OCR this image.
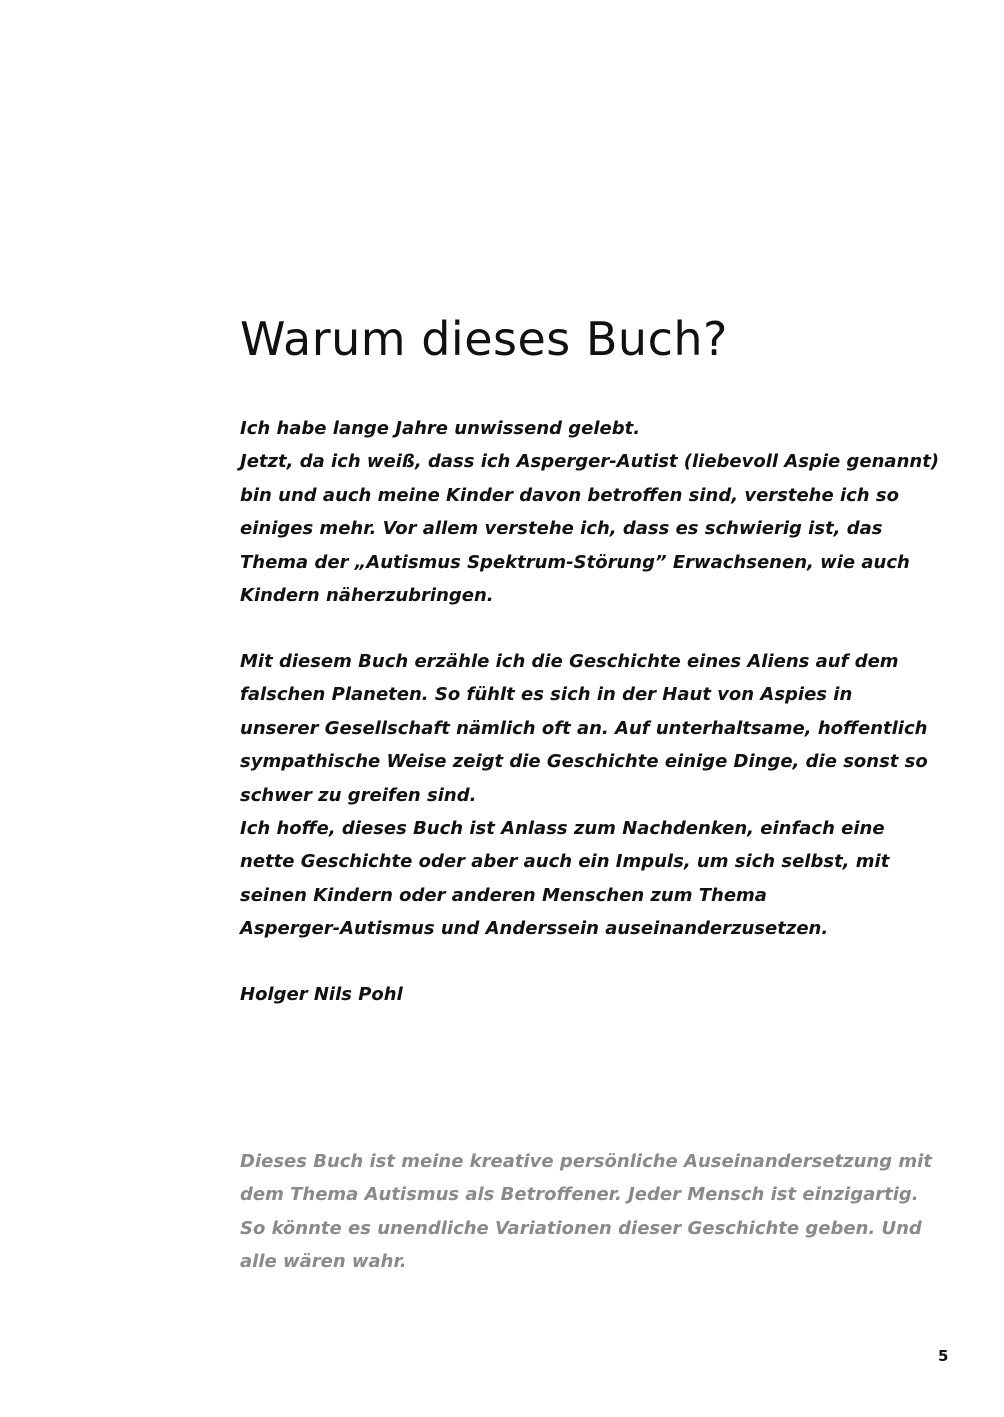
Warum dieses Buch?
Ich habe lange Jahre unwissend gelebt.
Jetzt, da ich weiß, dass ich Asperger-Autist (liebevoll Aspie genannt)
bin und auch meine Kinder davon betroffen sind, verstehe ich so
einiges mehr. Vor allem verstehe ich, dass es schwierig ist, das
Thema der „Autismus Spektrum-Störung” Erwachsenen, wie auch
Kindern näherzubringen.
Mit diesem Buch erzähle ich die Geschichte eines Aliens auf dem
falschen Planeten. So fühlt es sich in der Haut von Aspies in
unserer Gesellschaft nämlich oft an. Auf unterhaltsame, hoffentlich
sympathische Weise zeigt die Geschichte einige Dinge, die sonst so
schwer zu greifen sind.
Ich hoffe, dieses Buch ist Anlass zum Nachdenken, einfach eine
nette Geschichte oder aber auch ein Impuls, um sich selbst, mit
seinen Kindern oder anderen Menschen zum Thema
Asperger-Autismus und Anderssein auseinanderzusetzen.
Holger Nils Pohl
Dieses Buch ist meine kreative persönliche Auseinandersetzung mit
dem Thema Autismus als Betroffener. Jeder Mensch ist einzigartig.
So könnte es unendliche Variationen dieser Geschichte geben. Und
alle wären wahr.
5
